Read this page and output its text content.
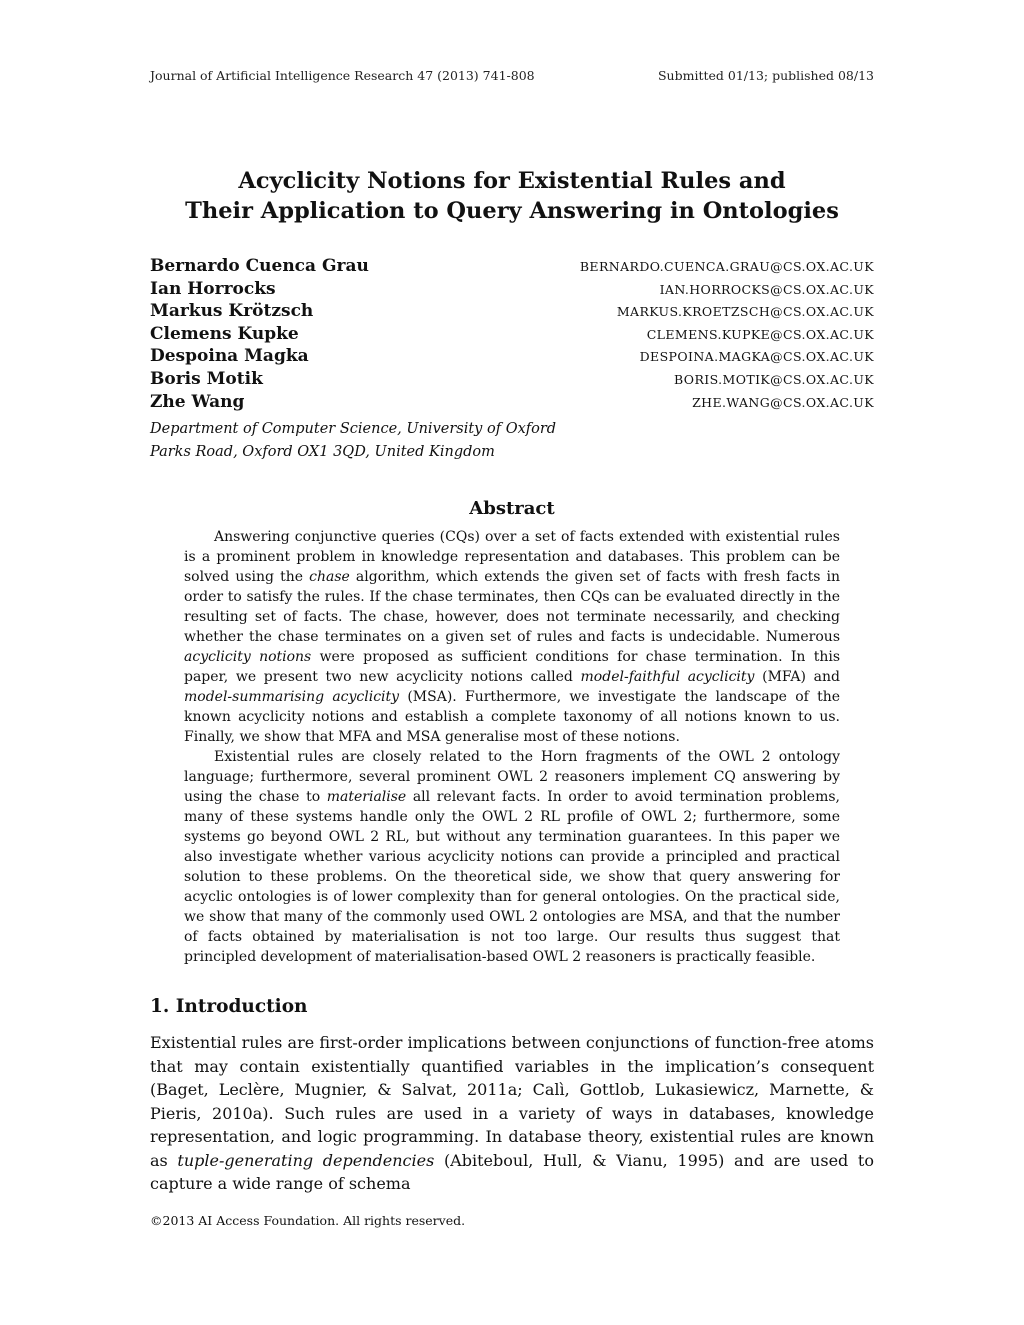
Journal of Artificial Intelligence Research 47 (2013) 741-808	Submitted 01/13; published 08/13
Acyclicity Notions for Existential Rules and
Their Application to Query Answering in Ontologies
Bernardo Cuenca Grau	BERNARDO.CUENCA.GRAU@CS.OX.AC.UK
Ian Horrocks	IAN.HORROCKS@CS.OX.AC.UK
Markus Krötzsch	MARKUS.KROETZSCH@CS.OX.AC.UK
Clemens Kupke	CLEMENS.KUPKE@CS.OX.AC.UK
Despoina Magka	DESPOINA.MAGKA@CS.OX.AC.UK
Boris Motik	BORIS.MOTIK@CS.OX.AC.UK
Zhe Wang	ZHE.WANG@CS.OX.AC.UK
Department of Computer Science, University of Oxford
Parks Road, Oxford OX1 3QD, United Kingdom
Abstract

Answering conjunctive queries (CQs) over a set of facts extended with existential rules is a prominent problem in knowledge representation and databases. This problem can be solved using the chase algorithm, which extends the given set of facts with fresh facts in order to satisfy the rules. If the chase terminates, then CQs can be evaluated directly in the resulting set of facts. The chase, however, does not terminate necessarily, and checking whether the chase terminates on a given set of rules and facts is undecidable. Numerous acyclicity notions were proposed as sufficient conditions for chase termination. In this paper, we present two new acyclicity notions called model-faithful acyclicity (MFA) and model-summarising acyclicity (MSA). Furthermore, we investigate the landscape of the known acyclicity notions and establish a complete taxonomy of all notions known to us. Finally, we show that MFA and MSA generalise most of these notions.

Existential rules are closely related to the Horn fragments of the OWL 2 ontology language; furthermore, several prominent OWL 2 reasoners implement CQ answering by using the chase to materialise all relevant facts. In order to avoid termination problems, many of these systems handle only the OWL 2 RL profile of OWL 2; furthermore, some systems go beyond OWL 2 RL, but without any termination guarantees. In this paper we also investigate whether various acyclicity notions can provide a principled and practical solution to these problems. On the theoretical side, we show that query answering for acyclic ontologies is of lower complexity than for general ontologies. On the practical side, we show that many of the commonly used OWL 2 ontologies are MSA, and that the number of facts obtained by materialisation is not too large. Our results thus suggest that principled development of materialisation-based OWL 2 reasoners is practically feasible.

1. Introduction

Existential rules are first-order implications between conjunctions of function-free atoms that may contain existentially quantified variables in the implication’s consequent (Baget, Leclère, Mugnier, & Salvat, 2011a; Calì, Gottlob, Lukasiewicz, Marnette, & Pieris, 2010a). Such rules are used in a variety of ways in databases, knowledge representation, and logic programming. In database theory, existential rules are known as tuple-generating dependencies (Abiteboul, Hull, & Vianu, 1995) and are used to capture a wide range of schema

©2013 AI Access Foundation. All rights reserved.
